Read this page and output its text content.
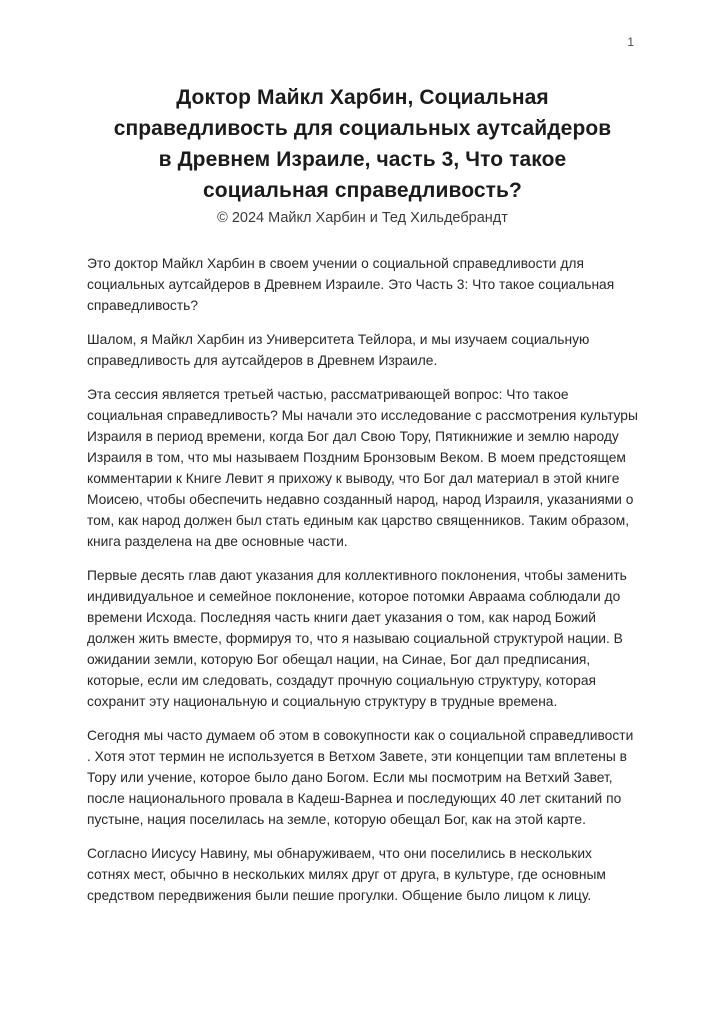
1
Доктор Майкл Харбин, Социальная
справедливость для социальных аутсайдеров
в Древнем Израиле, часть 3, Что такое
социальная справедливость?
© 2024 Майкл Харбин и Тед Хильдебрандт

Это доктор Майкл Харбин в своем учении о социальной справедливости для социальных аутсайдеров в Древнем Израиле. Это Часть 3: Что такое социальная справедливость?

Шалом, я Майкл Харбин из Университета Тейлора, и мы изучаем социальную справедливость для аутсайдеров в Древнем Израиле.

Эта сессия является третьей частью, рассматривающей вопрос: Что такое социальная справедливость? Мы начали это исследование с рассмотрения культуры Израиля в период времени, когда Бог дал Свою Тору, Пятикнижие и землю народу Израиля в том, что мы называем Поздним Бронзовым Веком. В моем предстоящем комментарии к Книге Левит я прихожу к выводу, что Бог дал материал в этой книге Моисею, чтобы обеспечить недавно созданный народ, народ Израиля, указаниями о том, как народ должен был стать единым как царство священников. Таким образом, книга разделена на две основные части.

Первые десять глав дают указания для коллективного поклонения, чтобы заменить индивидуальное и семейное поклонение, которое потомки Авраама соблюдали до времени Исхода. Последняя часть книги дает указания о том, как народ Божий должен жить вместе, формируя то, что я называю социальной структурой нации. В ожидании земли, которую Бог обещал нации, на Синае, Бог дал предписания, которые, если им следовать, создадут прочную социальную структуру, которая сохранит эту национальную и социальную структуру в трудные времена.

Сегодня мы часто думаем об этом в совокупности как о социальной справедливости . Хотя этот термин не используется в Ветхом Завете, эти концепции там вплетены в Тору или учение, которое было дано Богом. Если мы посмотрим на Ветхий Завет, после национального провала в Кадеш-Варнеа и последующих 40 лет скитаний по пустыне, нация поселилась на земле, которую обещал Бог, как на этой карте.

Согласно Иисусу Навину, мы обнаруживаем, что они поселились в нескольких сотнях мест, обычно в нескольких милях друг от друга, в культуре, где основным средством передвижения были пешие прогулки. Общение было лицом к лицу.
